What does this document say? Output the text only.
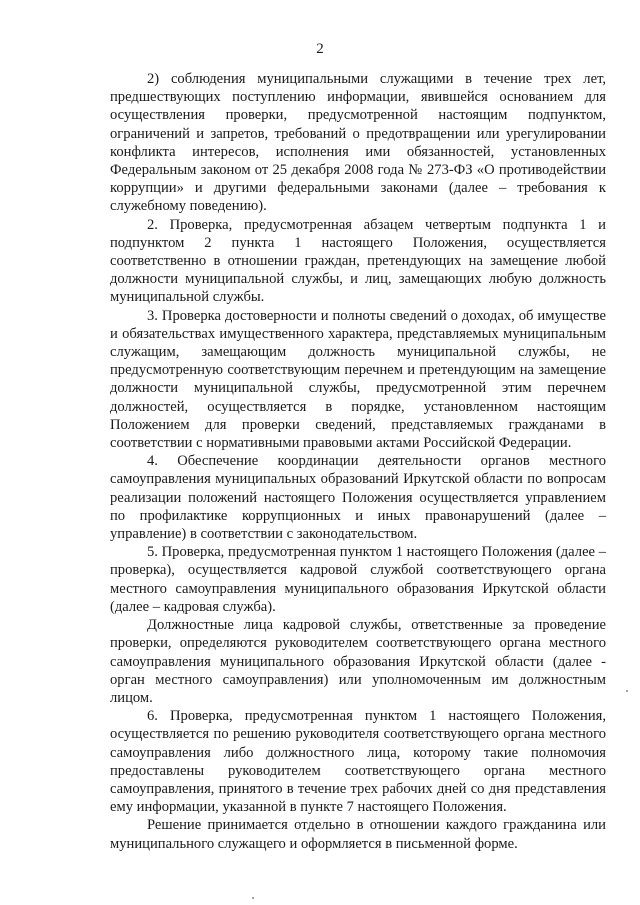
2

2) соблюдения муниципальными служащими в течение трех лет, предшествующих поступлению информации, явившейся основанием для осуществления проверки, предусмотренной настоящим подпунктом, ограничений и запретов, требований о предотвращении или урегулировании конфликта интересов, исполнения ими обязанностей, установленных Федеральным законом от 25 декабря 2008 года № 273-ФЗ «О противодействии коррупции» и другими федеральными законами (далее – требования к служебному поведению).

2. Проверка, предусмотренная абзацем четвертым подпункта 1 и подпунктом 2 пункта 1 настоящего Положения, осуществляется соответственно в отношении граждан, претендующих на замещение любой должности муниципальной службы, и лиц, замещающих любую должность муниципальной службы.

3. Проверка достоверности и полноты сведений о доходах, об имуществе и обязательствах имущественного характера, представляемых муниципальным служащим, замещающим должность муниципальной службы, не предусмотренную соответствующим перечнем и претендующим на замещение должности муниципальной службы, предусмотренной этим перечнем должностей, осуществляется в порядке, установленном настоящим Положением для проверки сведений, представляемых гражданами в соответствии с нормативными правовыми актами Российской Федерации.

4. Обеспечение координации деятельности органов местного самоуправления муниципальных образований Иркутской области по вопросам реализации положений настоящего Положения осуществляется управлением по профилактике коррупционных и иных правонарушений (далее – управление) в соответствии с законодательством.

5. Проверка, предусмотренная пунктом 1 настоящего Положения (далее – проверка), осуществляется кадровой службой соответствующего органа местного самоуправления муниципального образования Иркутской области (далее – кадровая служба).

Должностные лица кадровой службы, ответственные за проведение проверки, определяются руководителем соответствующего органа местного самоуправления муниципального образования Иркутской области (далее - орган местного самоуправления) или уполномоченным им должностным лицом.

6. Проверка, предусмотренная пунктом 1 настоящего Положения, осуществляется по решению руководителя соответствующего органа местного самоуправления либо должностного лица, которому такие полномочия предоставлены руководителем соответствующего органа местного самоуправления, принятого в течение трех рабочих дней со дня представления ему информации, указанной в пункте 7 настоящего Положения.

Решение принимается отдельно в отношении каждого гражданина или муниципального служащего и оформляется в письменной форме.
